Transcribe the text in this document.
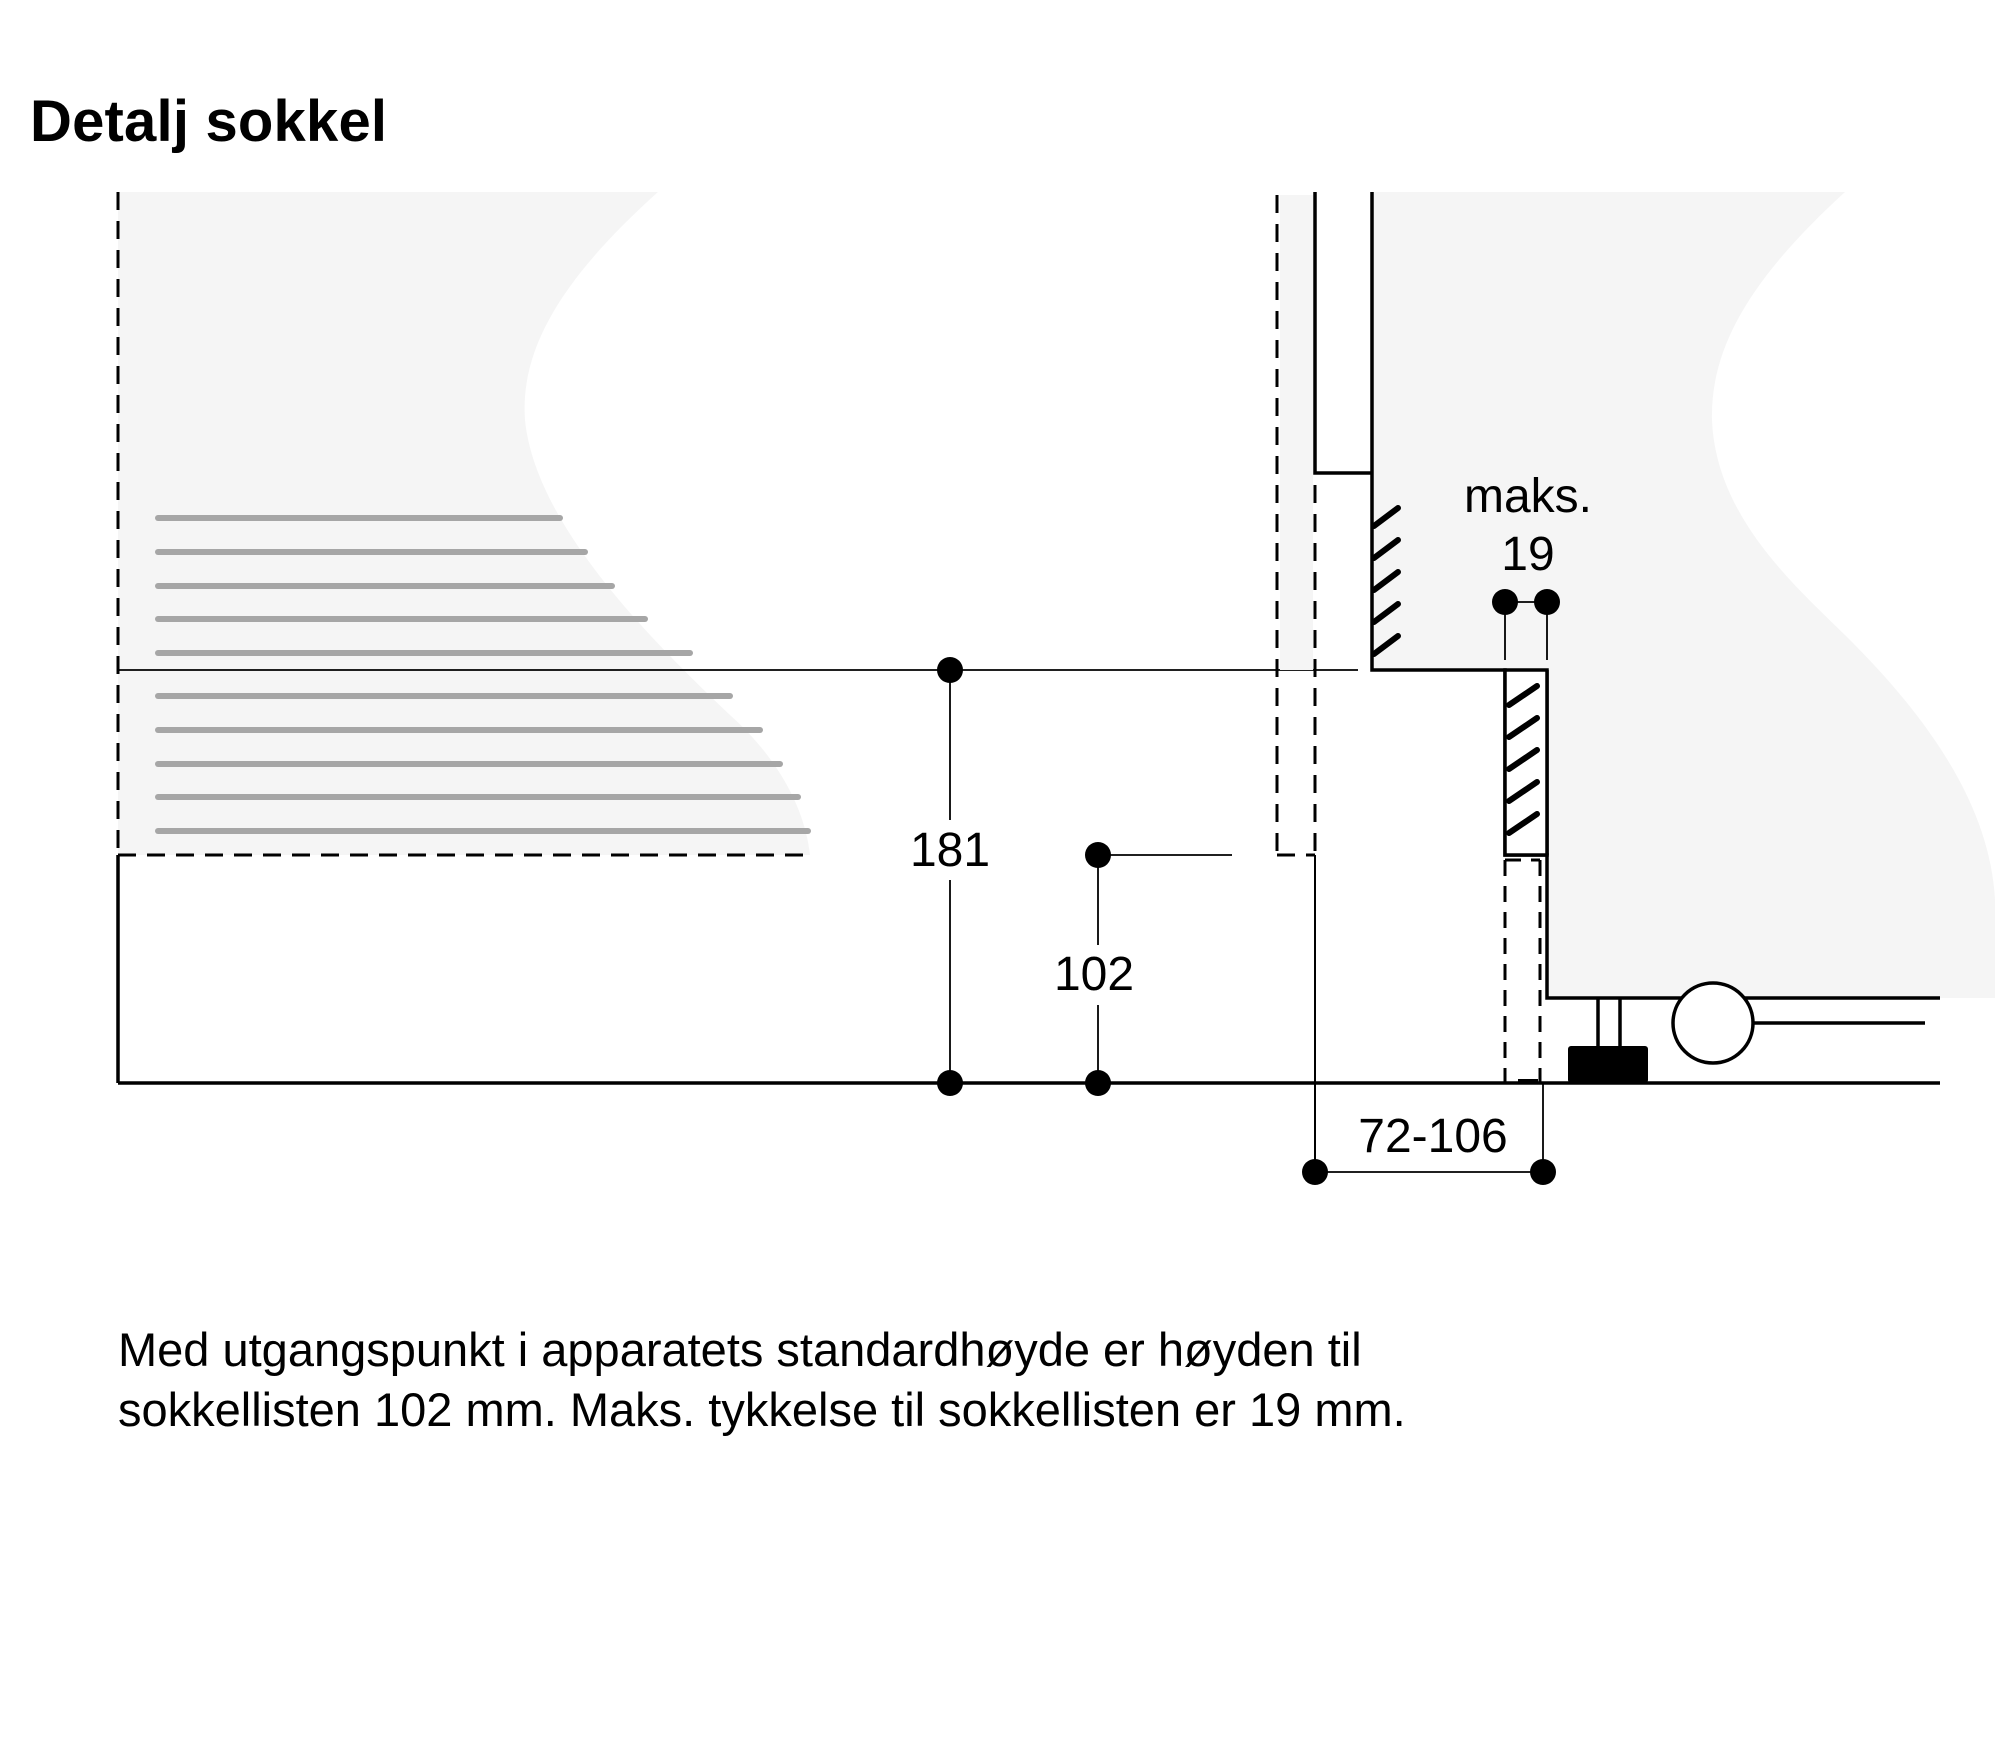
Detalj sokkel
181
102
maks.
19
72-106

Med utgangspunkt i apparatets standardhøyde er høyden til
sokkellisten 102 mm. Maks. tykkelse til sokkellisten er 19 mm.
